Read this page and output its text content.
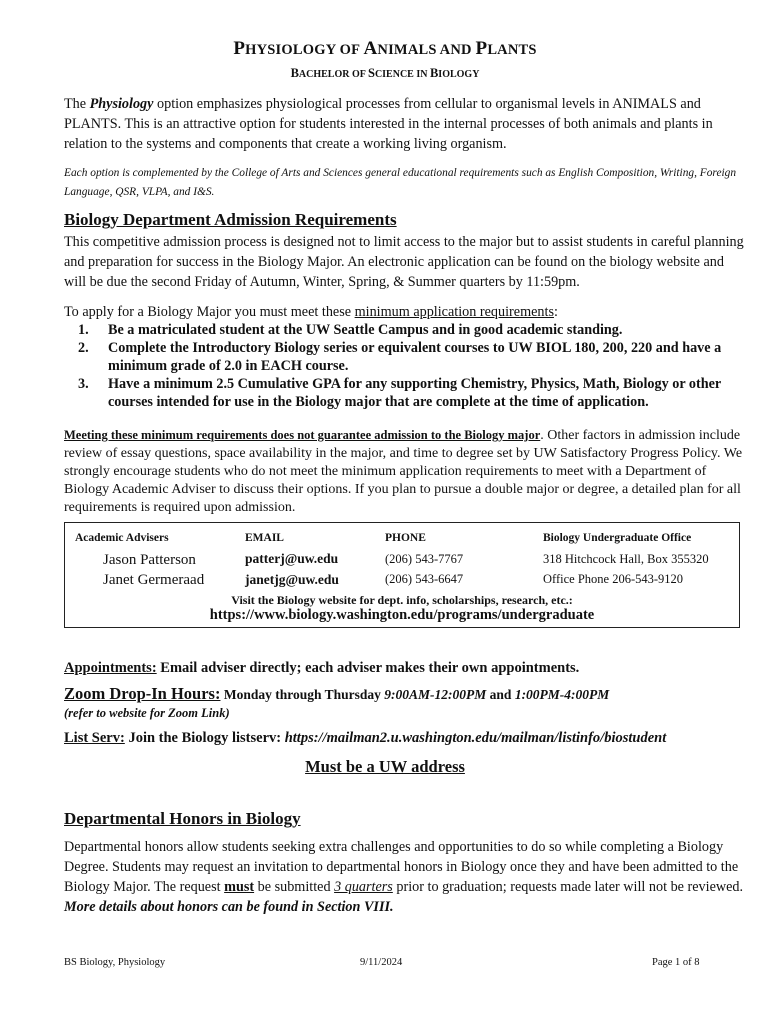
PHYSIOLOGY OF ANIMALS AND PLANTS
BACHELOR OF SCIENCE IN BIOLOGY

The Physiology option emphasizes physiological processes from cellular to organismal levels in ANIMALS and PLANTS. This is an attractive option for students interested in the internal processes of both animals and plants in relation to the systems and components that create a working living organism.

Each option is complemented by the College of Arts and Sciences general educational requirements such as English Composition, Writing, Foreign Language, QSR, VLPA, and I&S.

Biology Department Admission Requirements

This competitive admission process is designed not to limit access to the major but to assist students in careful planning and preparation for success in the Biology Major. An electronic application can be found on the biology website and will be due the second Friday of Autumn, Winter, Spring, & Summer quarters by 11:59pm.

To apply for a Biology Major you must meet these minimum application requirements:

1. Be a matriculated student at the UW Seattle Campus and in good academic standing.
2. Complete the Introductory Biology series or equivalent courses to UW BIOL 180, 200, 220 and have a minimum grade of 2.0 in EACH course.
3. Have a minimum 2.5 Cumulative GPA for any supporting Chemistry, Physics, Math, Biology or other courses intended for use in the Biology major that are complete at the time of application.

Meeting these minimum requirements does not guarantee admission to the Biology major. Other factors in admission include review of essay questions, space availability in the major, and time to degree set by UW Satisfactory Progress Policy. We strongly encourage students who do not meet the minimum application requirements to meet with a Department of Biology Academic Adviser to discuss their options. If you plan to pursue a double major or degree, a detailed plan for all requirements is required upon admission.

Academic Advisers	EMAIL	PHONE	Biology Undergraduate Office
Jason Patterson	patterj@uw.edu	(206) 543-7767	318 Hitchcock Hall, Box 355320
Janet Germeraad	janetjg@uw.edu	(206) 543-6647	Office Phone 206-543-9120
Visit the Biology website for dept. info, scholarships, research, etc.:
https://www.biology.washington.edu/programs/undergraduate
Appointments: Email adviser directly; each adviser makes their own appointments.
Zoom Drop-In Hours: Monday through Thursday 9:00AM-12:00PM and 1:00PM-4:00PM
(refer to website for Zoom Link)
List Serv: Join the Biology listserv: https://mailman2.u.washington.edu/mailman/listinfo/biostudent
Must be a UW address
Departmental Honors in Biology

Departmental honors allow students seeking extra challenges and opportunities to do so while completing a Biology Degree. Students may request an invitation to departmental honors in Biology once they and have been admitted to the Biology Major. The request must be submitted 3 quarters prior to graduation; requests made later will not be reviewed. More details about honors can be found in Section VIII.

BS Biology, Physiology	9/11/2024	Page 1 of 8
